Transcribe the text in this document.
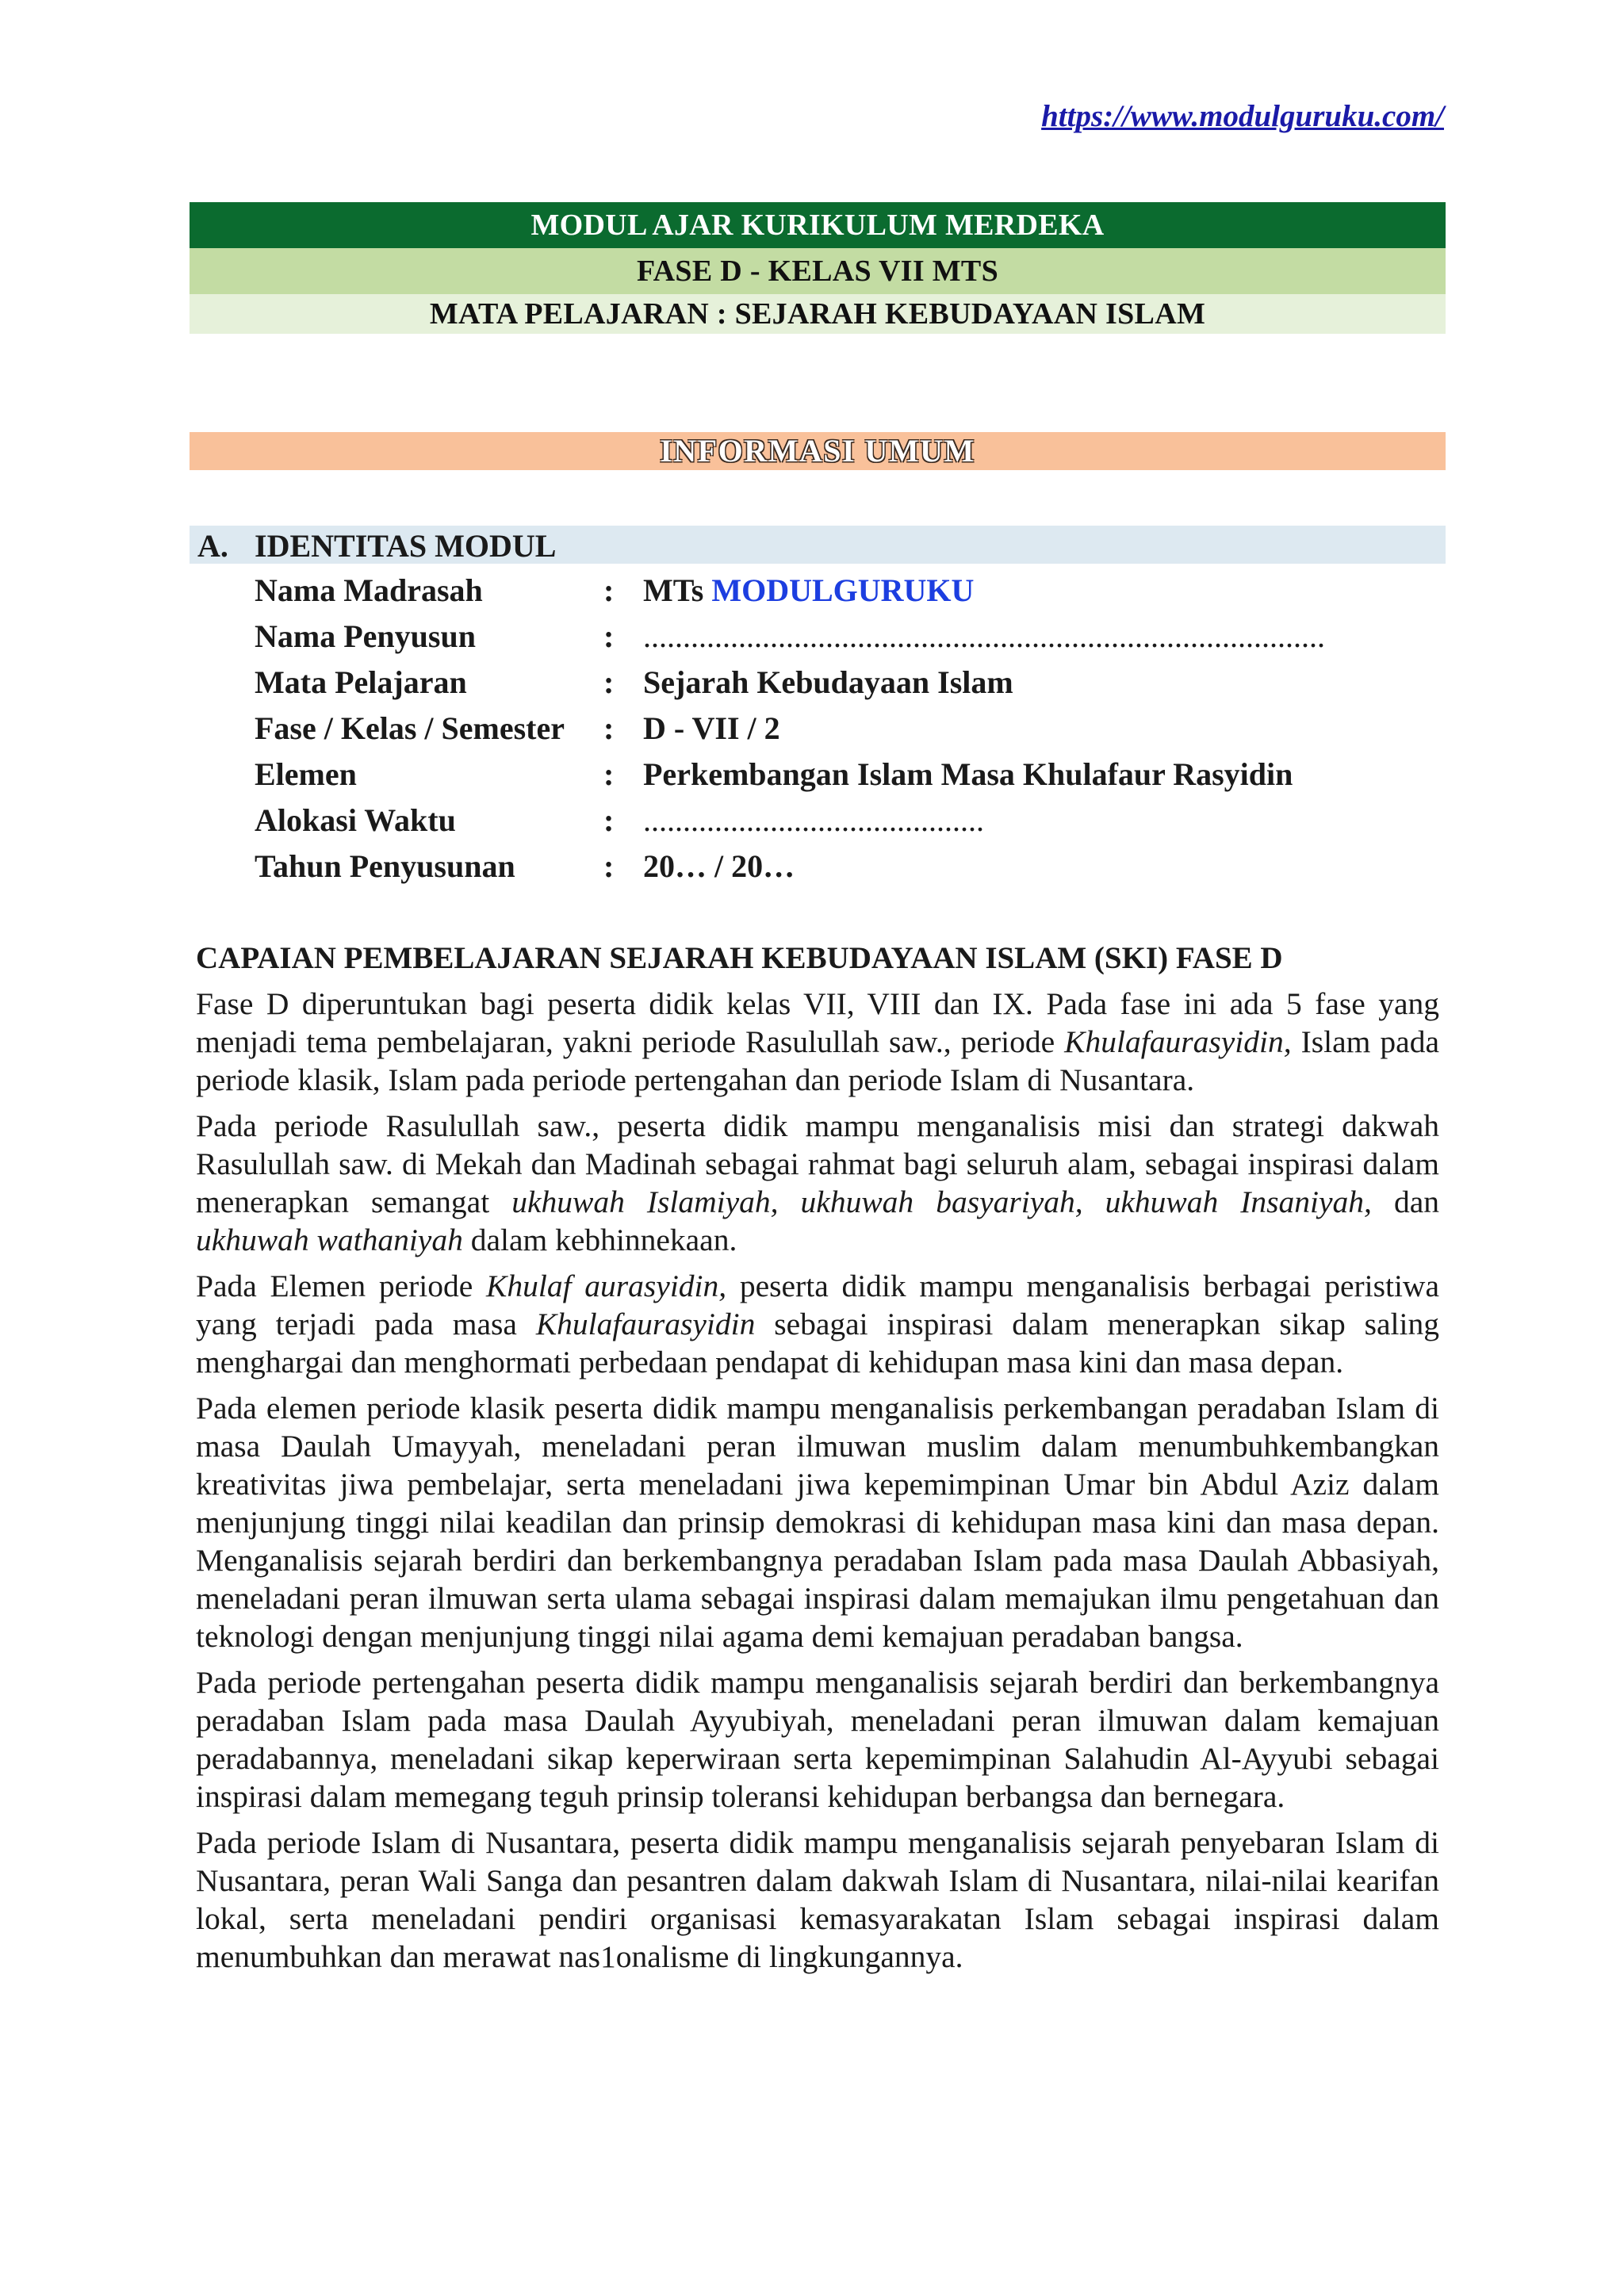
https://www.modulguruku.com/
MODUL AJAR KURIKULUM MERDEKA
FASE D - KELAS VII MTS
MATA PELAJARAN : SEJARAH KEBUDAYAAN ISLAM
INFORMASI UMUM
A. IDENTITAS MODUL
Nama Madrasah	: MTs MODULGURUKU
Nama Penyusun	: ......................................................................................
Mata Pelajaran	: Sejarah Kebudayaan Islam
Fase / Kelas / Semester : D - VII / 2
Elemen	: Perkembangan Islam Masa Khulafaur Rasyidin
Alokasi Waktu	: ...........................................
Tahun Penyusunan	: 20… / 20…
CAPAIAN PEMBELAJARAN SEJARAH KEBUDAYAAN ISLAM (SKI) FASE D

Fase D diperuntukan bagi peserta didik kelas VII, VIII dan IX. Pada fase ini ada 5 fase yang menjadi tema pembelajaran, yakni periode Rasulullah saw., periode Khulafaurasyidin, Islam pada periode klasik, Islam pada periode pertengahan dan periode Islam di Nusantara.

Pada periode Rasulullah saw., peserta didik mampu menganalisis misi dan strategi dakwah Rasulullah saw. di Mekah dan Madinah sebagai rahmat bagi seluruh alam, sebagai inspirasi dalam menerapkan semangat ukhuwah Islamiyah, ukhuwah basyariyah, ukhuwah Insaniyah, dan ukhuwah wathaniyah dalam kebhinnekaan.

Pada Elemen periode Khulaf aurasyidin, peserta didik mampu menganalisis berbagai peristiwa yang terjadi pada masa Khulafaurasyidin sebagai inspirasi dalam menerapkan sikap saling menghargai dan menghormati perbedaan pendapat di kehidupan masa kini dan masa depan.

Pada elemen periode klasik peserta didik mampu menganalisis perkembangan peradaban Islam di masa Daulah Umayyah, meneladani peran ilmuwan muslim dalam menumbuhkembangkan kreativitas jiwa pembelajar, serta meneladani jiwa kepemimpinan Umar bin Abdul Aziz dalam menjunjung tinggi nilai keadilan dan prinsip demokrasi di kehidupan masa kini dan masa depan. Menganalisis sejarah berdiri dan berkembangnya peradaban Islam pada masa Daulah Abbasiyah, meneladani peran ilmuwan serta ulama sebagai inspirasi dalam memajukan ilmu pengetahuan dan teknologi dengan menjunjung tinggi nilai agama demi kemajuan peradaban bangsa.

Pada periode pertengahan peserta didik mampu menganalisis sejarah berdiri dan berkembangnya peradaban Islam pada masa Daulah Ayyubiyah, meneladani peran ilmuwan dalam kemajuan peradabannya, meneladani sikap keperwiraan serta kepemimpinan Salahudin Al-Ayyubi sebagai inspirasi dalam memegang teguh prinsip toleransi kehidupan berbangsa dan bernegara.

Pada periode Islam di Nusantara, peserta didik mampu menganalisis sejarah penyebaran Islam di Nusantara, peran Wali Sanga dan pesantren dalam dakwah Islam di Nusantara, nilai-nilai kearifan lokal, serta meneladani pendiri organisasi kemasyarakatan Islam sebagai inspirasi dalam menumbuhkan dan merawat nas1onalisme di lingkungannya.
